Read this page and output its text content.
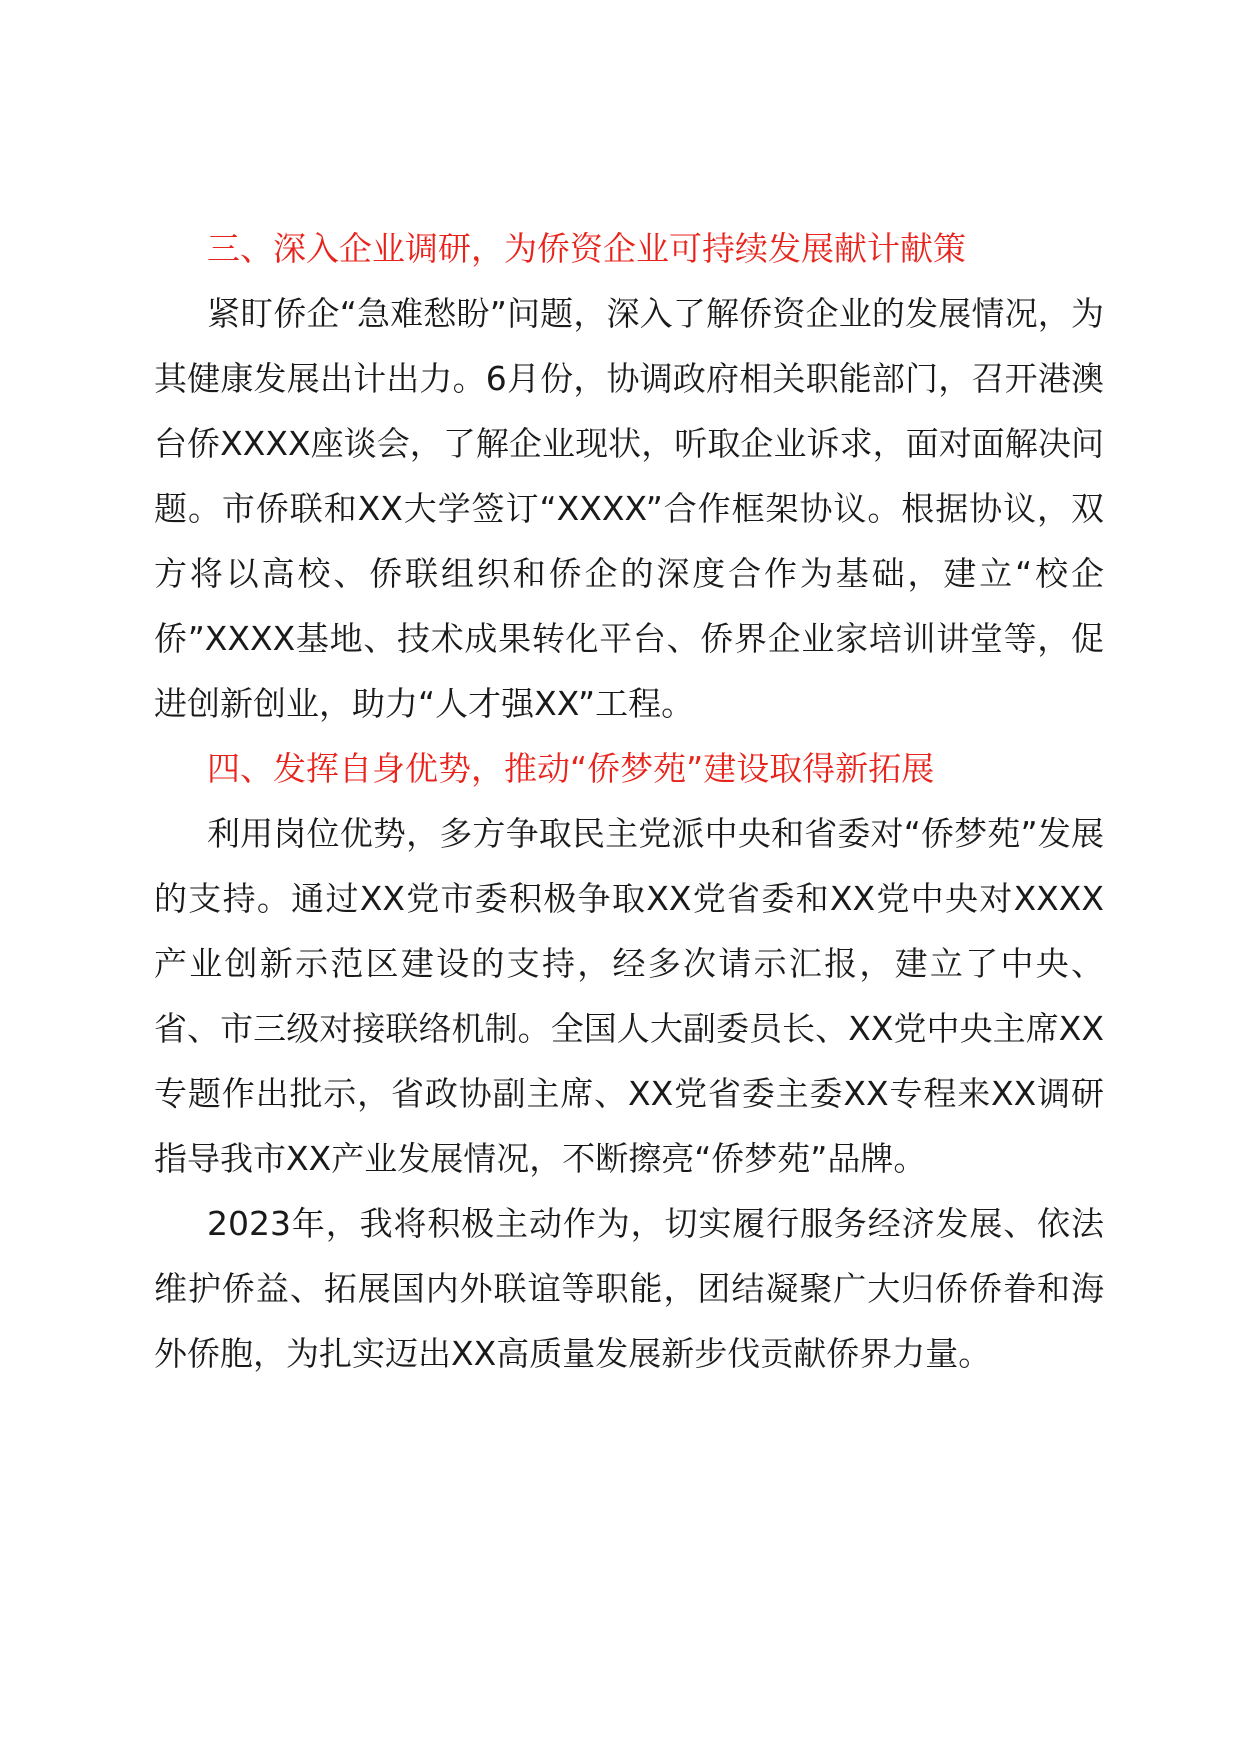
三、深入企业调研，为侨资企业可持续发展献计献策

紧盯侨企“急难愁盼”问题，深入了解侨资企业的发展情况，为其健康发展出计出力。6月份，协调政府相关职能部门，召开港澳台侨XXXX座谈会，了解企业现状，听取企业诉求，面对面解决问题。市侨联和XX大学签订“XXXX”合作框架协议。根据协议，双方将以高校、侨联组织和侨企的深度合作为基础，建立“校企侨”XXXX基地、技术成果转化平台、侨界企业家培训讲堂等，促进创新创业，助力“人才强XX”工程。

四、发挥自身优势，推动“侨梦苑”建设取得新拓展

利用岗位优势，多方争取民主党派中央和省委对“侨梦苑”发展的支持。通过XX党市委积极争取XX党省委和XX党中央对XXXX产业创新示范区建设的支持，经多次请示汇报，建立了中央、省、市三级对接联络机制。全国人大副委员长、XX党中央主席XX专题作出批示，省政协副主席、XX党省委主委XX专程来XX调研指导我市XX产业发展情况，不断擦亮“侨梦苑”品牌。

2023年，我将积极主动作为，切实履行服务经济发展、依法维护侨益、拓展国内外联谊等职能，团结凝聚广大归侨侨眷和海外侨胞，为扎实迈出XX高质量发展新步伐贡献侨界力量。
